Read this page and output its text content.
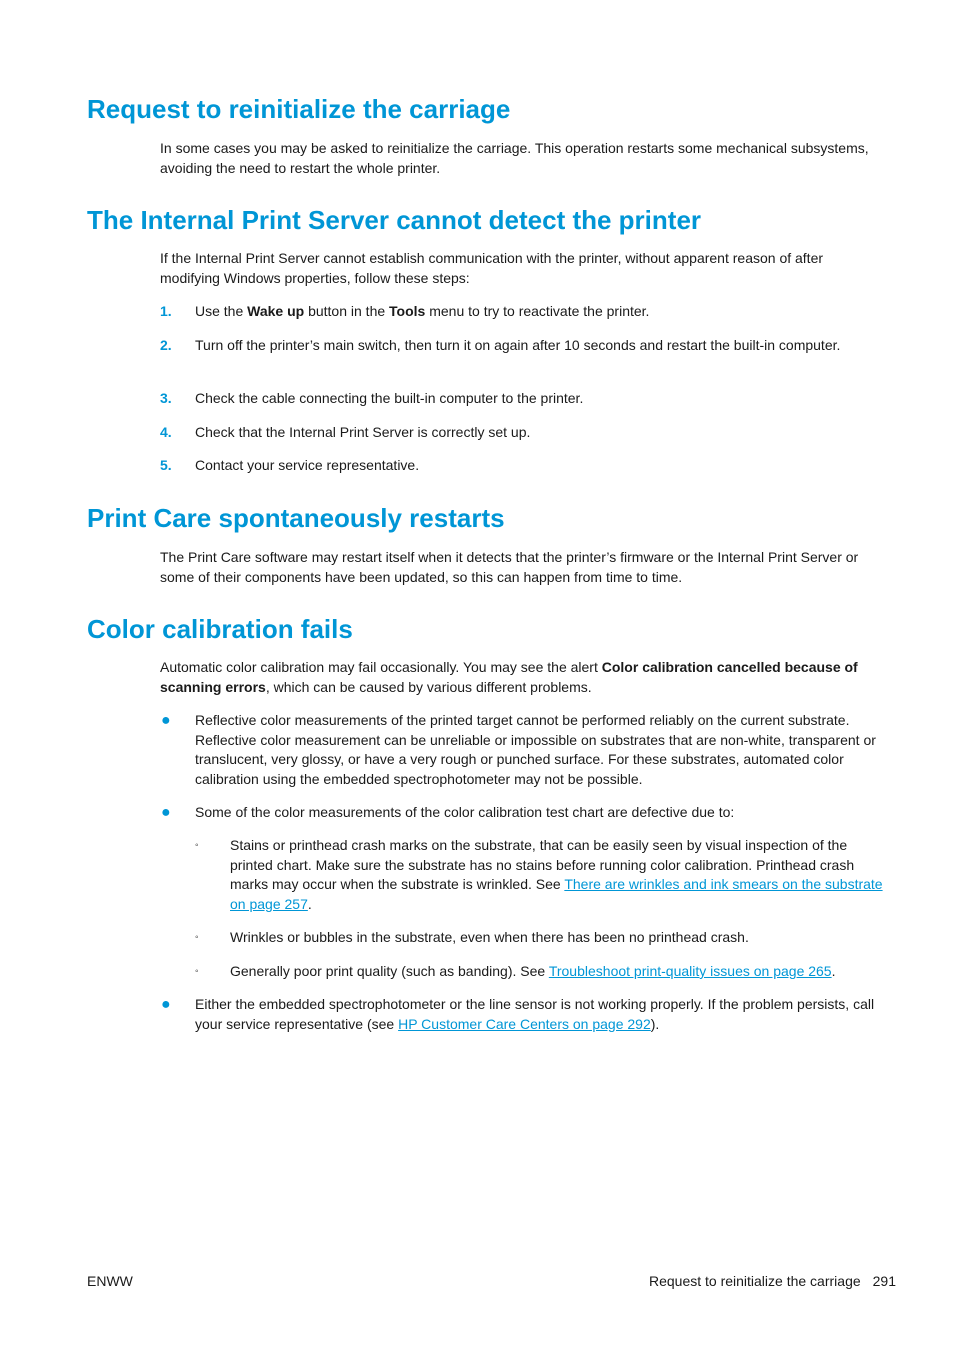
Request to reinitialize the carriage

In some cases you may be asked to reinitialize the carriage. This operation restarts some mechanical subsystems, avoiding the need to restart the whole printer.

The Internal Print Server cannot detect the printer

If the Internal Print Server cannot establish communication with the printer, without apparent reason of after modifying Windows properties, follow these steps:

1. Use the Wake up button in the Tools menu to try to reactivate the printer.
2. Turn off the printer’s main switch, then turn it on again after 10 seconds and restart the built-in computer.
3. Check the cable connecting the built-in computer to the printer.
4. Check that the Internal Print Server is correctly set up.
5. Contact your service representative.
Print Care spontaneously restarts

The Print Care software may restart itself when it detects that the printer’s firmware or the Internal Print Server or some of their components have been updated, so this can happen from time to time.

Color calibration fails

Automatic color calibration may fail occasionally. You may see the alert Color calibration cancelled because of scanning errors, which can be caused by various different problems.

● Reflective color measurements of the printed target cannot be performed reliably on the current substrate. Reflective color measurement can be unreliable or impossible on substrates that are non-white, transparent or translucent, very glossy, or have a very rough or punched surface. For these substrates, automated color calibration using the embedded spectrophotometer may not be possible.
● Some of the color measurements of the color calibration test chart are defective due to:
◦ Stains or printhead crash marks on the substrate, that can be easily seen by visual inspection of the printed chart. Make sure the substrate has no stains before running color calibration. Printhead crash marks may occur when the substrate is wrinkled. See There are wrinkles and ink smears on the substrate on page 257.
◦ Wrinkles or bubbles in the substrate, even when there has been no printhead crash.
◦ Generally poor print quality (such as banding). See Troubleshoot print-quality issues on page 265.
● Either the embedded spectrophotometer or the line sensor is not working properly. If the problem persists, call your service representative (see HP Customer Care Centers on page 292).
ENWW	Request to reinitialize the carriage 291
